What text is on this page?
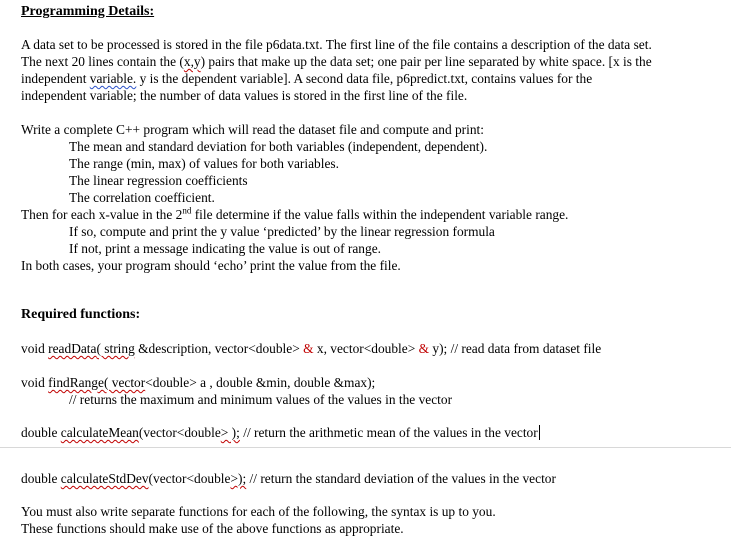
Programming Details:
A data set to be processed is stored in the file p6data.txt. The first line of the file contains a description of the data set.
The next 20 lines contain the (x,y) pairs that make up the data set; one pair per line separated by white space. [x is the
independent variable. y is the dependent variable]. A second data file, p6predict.txt, contains values for the
independent variable; the number of data values is stored in the first line of the file.
Write a complete C++ program which will read the dataset file and compute and print:
The mean and standard deviation for both variables (independent, dependent).
The range (min, max) of values for both variables.
The linear regression coefficients
The correlation coefficient.
Then for each x-value in the 2nd file determine if the value falls within the independent variable range.
If so, compute and print the y value ‘predicted’ by the linear regression formula
If not, print a message indicating the value is out of range.
In both cases, your program should ‘echo’ print the value from the file.
Required functions:
void readData( string &description, vector<double> & x, vector<double> & y); // read data from dataset file
void findRange( vector<double> a , double &min, double &max);
// returns the maximum and minimum values of the values in the vector
double calculateMean(vector<double> ); // return the arithmetic mean of the values in the vector
double calculateStdDev(vector<double>); // return the standard deviation of the values in the vector
You must also write separate functions for each of the following, the syntax is up to you.
These functions should make use of the above functions as appropriate.
